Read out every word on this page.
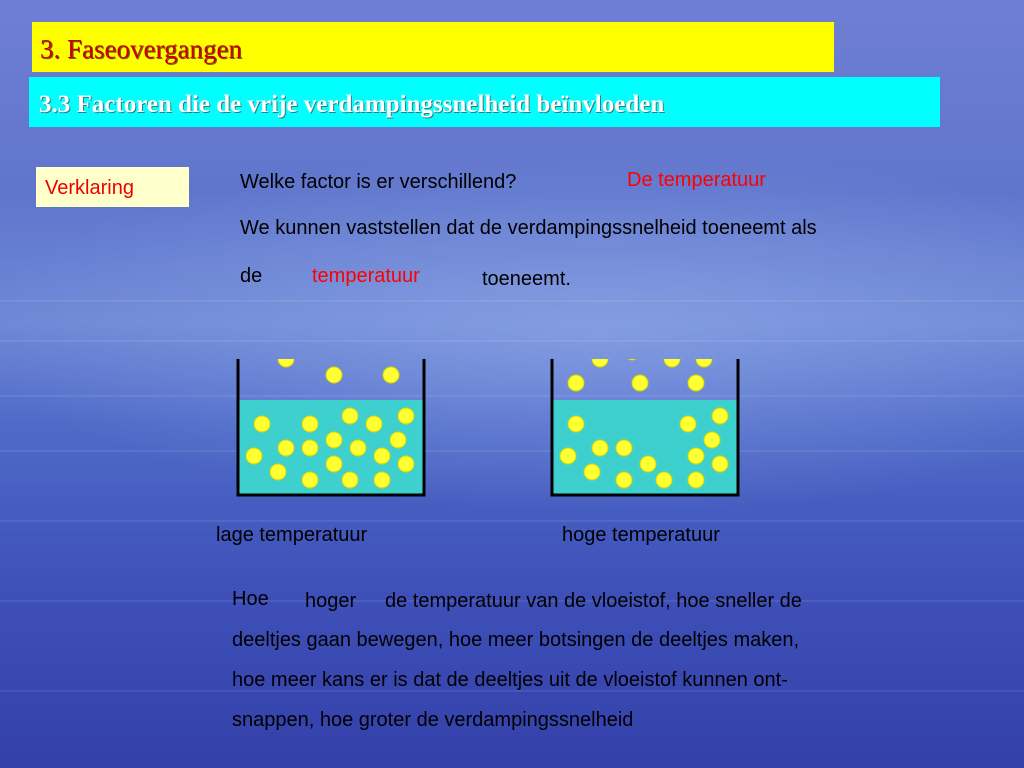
3. Faseovergangen
3.3 Factoren die de vrije verdampingssnelheid beïnvloeden
Verklaring	Welke factor is er verschillend?	De temperatuur
We kunnen vaststellen dat de verdampingssnelheid toeneemt als
de temperatuur	toeneemt.
lage temperatuur	hoge temperatuur
Hoe hoger de temperatuur van de vloeistof, hoe sneller de
deeltjes gaan bewegen, hoe meer botsingen de deeltjes maken,
hoe meer kans er is dat de deeltjes uit de vloeistof kunnen ont-
snappen, hoe groter de verdampingssnelheid
